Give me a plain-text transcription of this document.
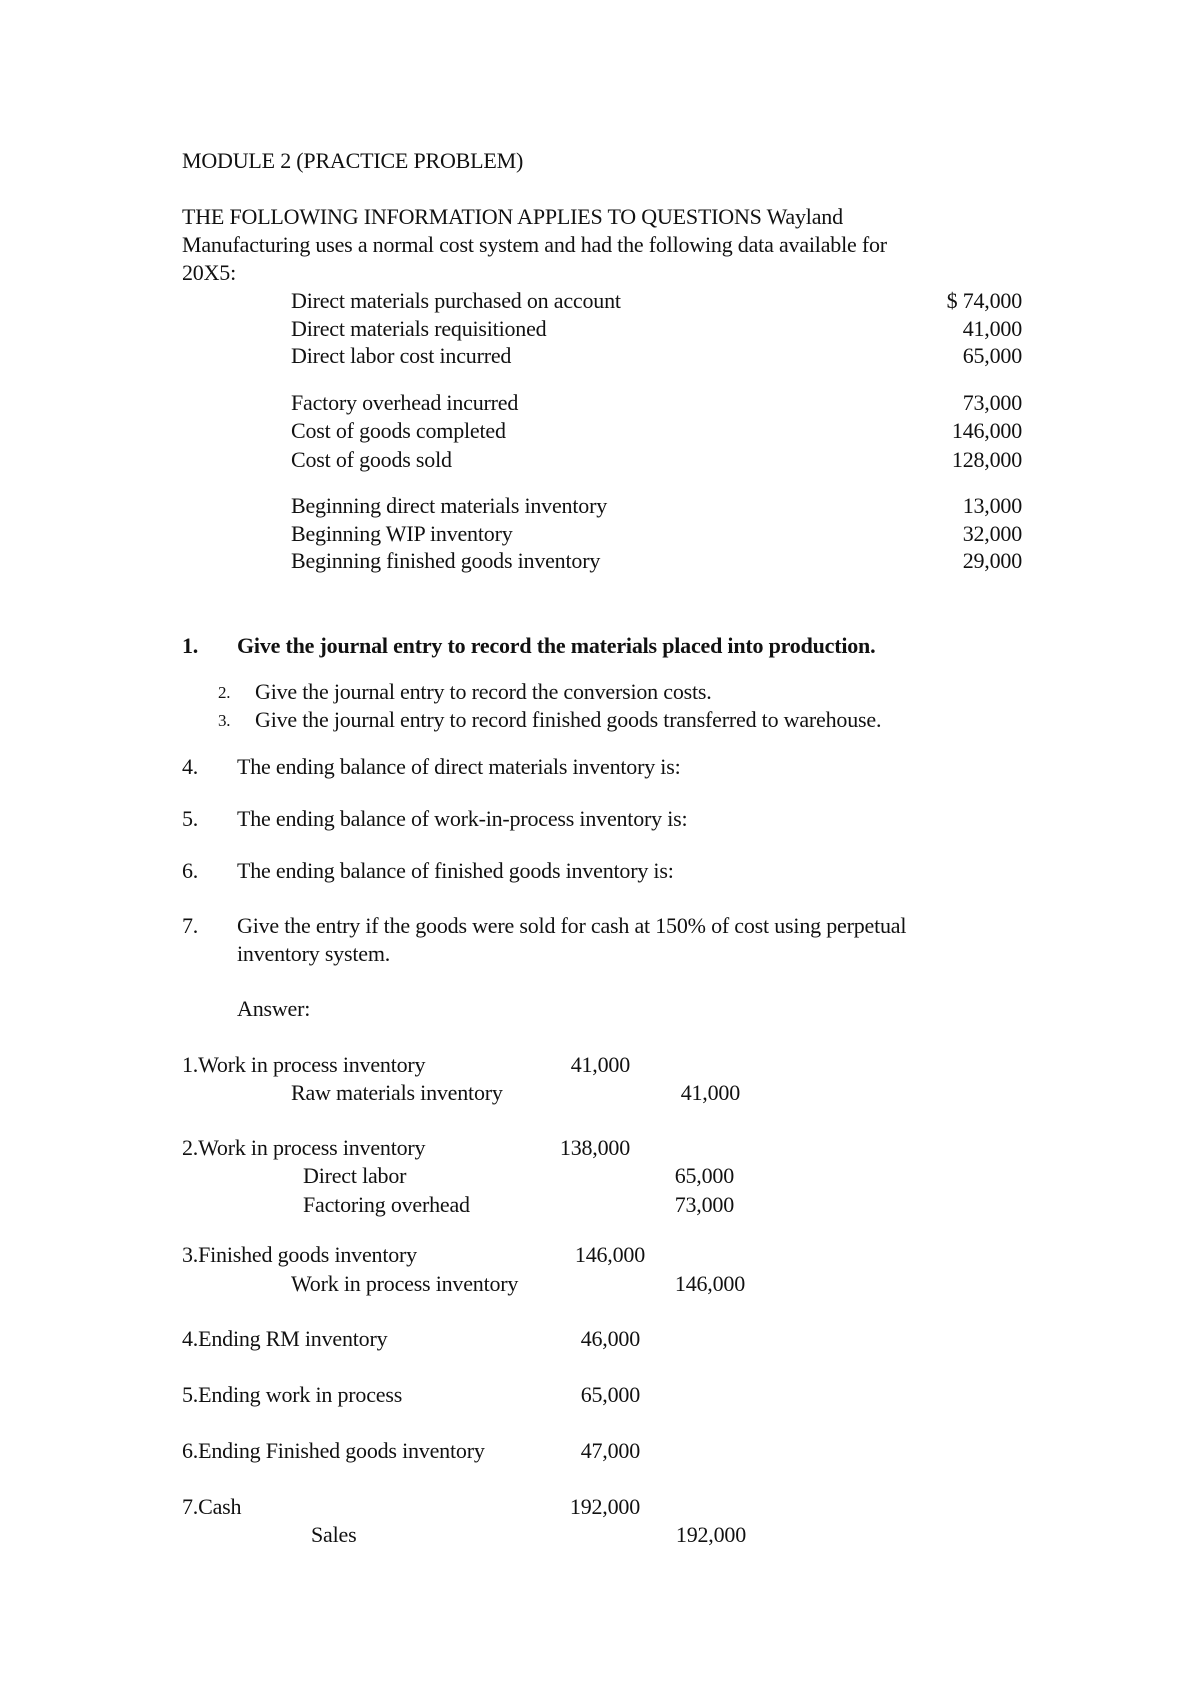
MODULE 2 (PRACTICE PROBLEM)
THE FOLLOWING INFORMATION APPLIES TO QUESTIONS Wayland
Manufacturing uses a normal cost system and had the following data available for
20X5:
Direct materials purchased on account	$ 74,000
Direct materials requisitioned	41,000
Direct labor cost incurred	65,000
Factory overhead incurred	73,000
Cost of goods completed	146,000
Cost of goods sold	128,000
Beginning direct materials inventory	13,000
Beginning WIP inventory	32,000
Beginning finished goods inventory	29,000
1. Give the journal entry to record the materials placed into production.
2. Give the journal entry to record the conversion costs.
3. Give the journal entry to record finished goods transferred to warehouse.
4. The ending balance of direct materials inventory is:
5. The ending balance of work-in-process inventory is:
6. The ending balance of finished goods inventory is:
7. Give the entry if the goods were sold for cash at 150% of cost using perpetual
inventory system.
Answer:
1.Work in process inventory	41,000
Raw materials inventory	41,000
2.Work in process inventory	138,000
Direct labor	65,000
Factoring overhead	73,000
3.Finished goods inventory	146,000
Work in process inventory	146,000
4.Ending RM inventory	46,000
5.Ending work in process	65,000
6.Ending Finished goods inventory	47,000
7.Cash	192,000
Sales	192,000
